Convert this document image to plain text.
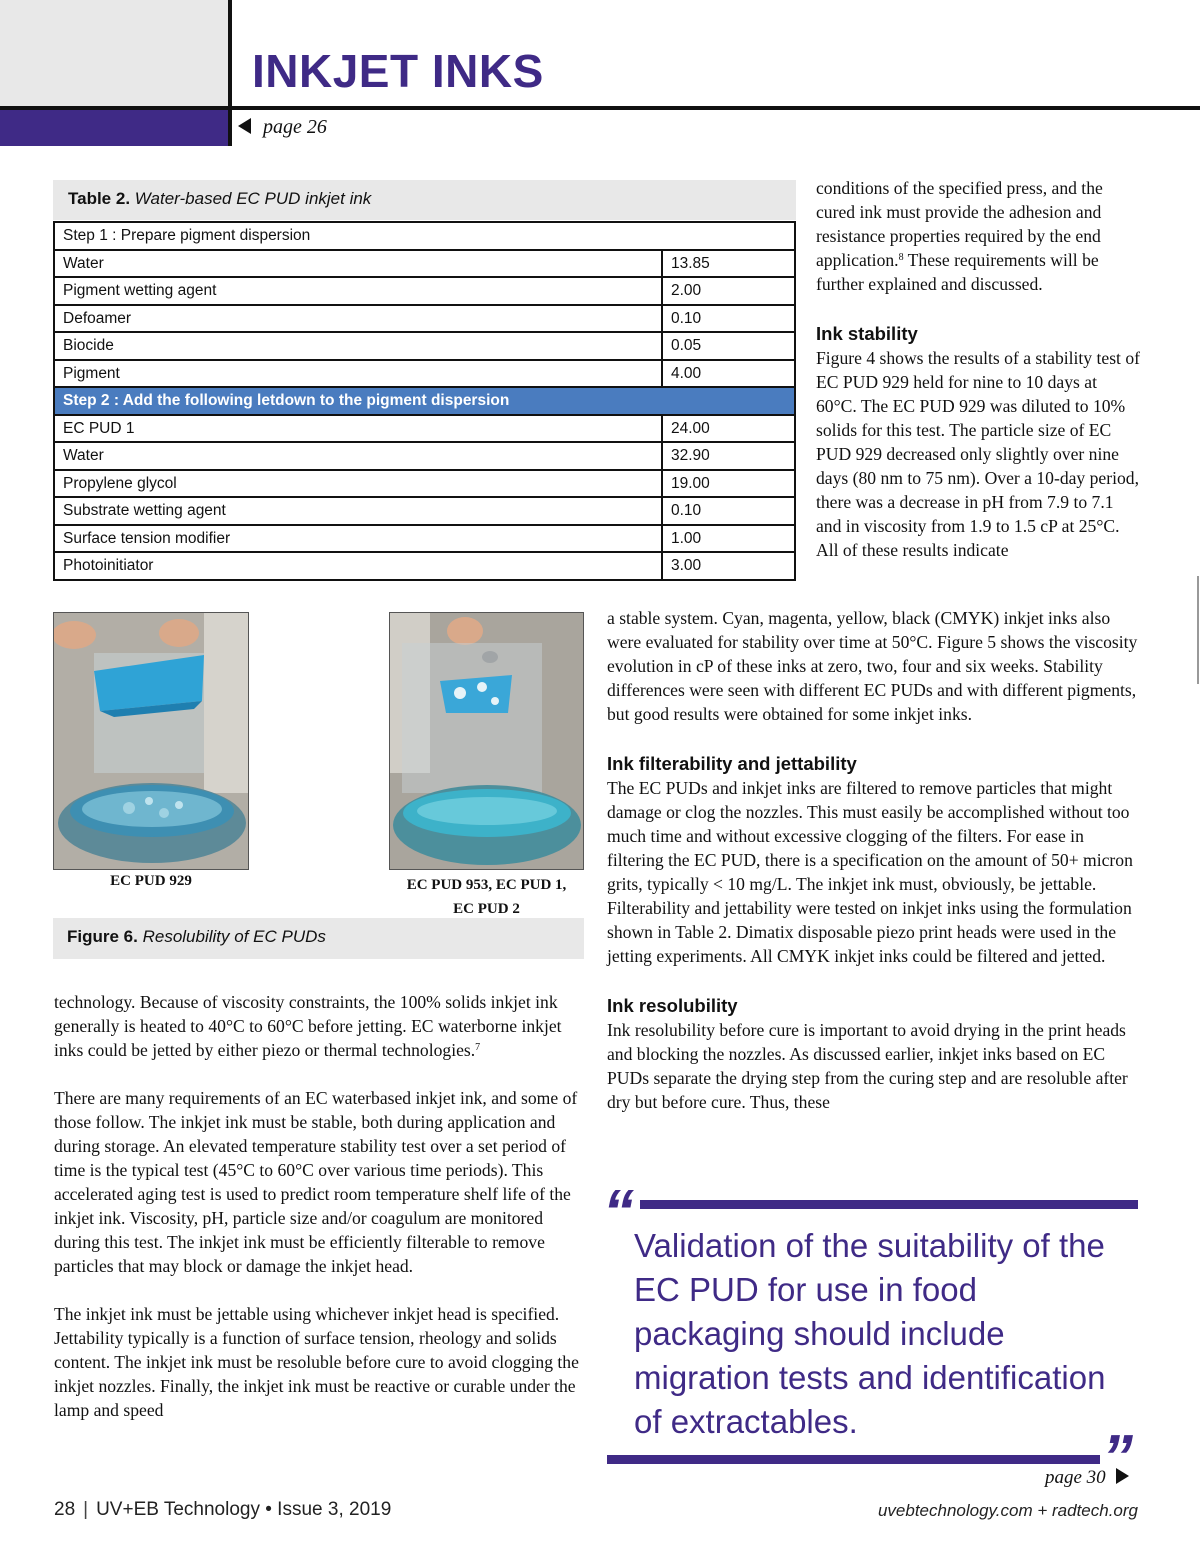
INKJET INKS
page 26
Table 2. Water-based EC PUD inkjet ink
Step 1 : Prepare pigment dispersion	
Water	13.85
Pigment wetting agent	2.00
Defoamer	0.10
Biocide	0.05
Pigment	4.00
Step 2 : Add the following letdown to the pigment dispersion	
EC PUD 1	24.00
Water	32.90
Propylene glycol	19.00
Substrate wetting agent	0.10
Surface tension modifier	1.00
Photoinitiator	3.00
EC PUD 929	EC PUD 953, EC PUD 1,
EC PUD 2
Figure 6. Resolubility of EC PUDs

conditions of the specified press, and the cured ink must provide the adhesion and resistance properties required by the end application.$^8$ These requirements will be further explained and discussed.

Ink stability

Figure 4 shows the results of a stability test of EC PUD 929 held for nine to 10 days at 60°C. The EC PUD 929 was diluted to 10% solids for this test. The particle size of EC PUD 929 decreased only slightly over nine days (80 nm to 75 nm). Over a 10-day period, there was a decrease in pH from 7.9 to 7.1 and in viscosity from 1.9 to 1.5 cP at 25°C. All of these results indicate

a stable system. Cyan, magenta, yellow, black (CMYK) inkjet inks also were evaluated for stability over time at 50°C. Figure 5 shows the viscosity evolution in cP of these inks at zero, two, four and six weeks. Stability differences were seen with different EC PUDs and with different pigments, but good results were obtained for some inkjet inks.

Ink filterability and jettability

The EC PUDs and inkjet inks are filtered to remove particles that might damage or clog the nozzles. This must easily be accomplished without too much time and without excessive clogging of the filters. For ease in filtering the EC PUD, there is a specification on the amount of 50+ micron grits, typically < 10 mg/L. The inkjet ink must, obviously, be jettable. Filterability and jettability were tested on inkjet inks using the formulation shown in Table 2. Dimatix disposable piezo print heads were used in the jetting experiments. All CMYK inkjet inks could be filtered and jetted.

Ink resolubility

Ink resolubility before cure is important to avoid drying in the print heads and blocking the nozzles. As discussed earlier, inkjet inks based on EC PUDs separate the drying step from the curing step and are resoluble after dry but before cure. Thus, these

technology. Because of viscosity constraints, the 100% solids inkjet ink generally is heated to 40°C to 60°C before jetting. EC waterborne inkjet inks could be jetted by either piezo or thermal technologies.$^7$

There are many requirements of an EC waterbased inkjet ink, and some of those follow. The inkjet ink must be stable, both during application and during storage. An elevated temperature stability test over a set period of time is the typical test (45°C to 60°C over various time periods). This accelerated aging test is used to predict room temperature shelf life of the inkjet ink. Viscosity, pH, particle size and/or coagulum are monitored during this test. The inkjet ink must be efficiently filterable to remove particles that may block or damage the inkjet head.

The inkjet ink must be jettable using whichever inkjet head is specified. Jettability typically is a function of surface tension, rheology and solids content. The inkjet ink must be resoluble before cure to avoid clogging the inkjet nozzles. Finally, the inkjet ink must be reactive or curable under the lamp and speed

“ Validation of the suitability of the EC PUD for use in food packaging should include migration tests and identification of extractables.
”
page 30
28 | UV+EB Technology • Issue 3, 2019	uvebtechnology.com + radtech.org
